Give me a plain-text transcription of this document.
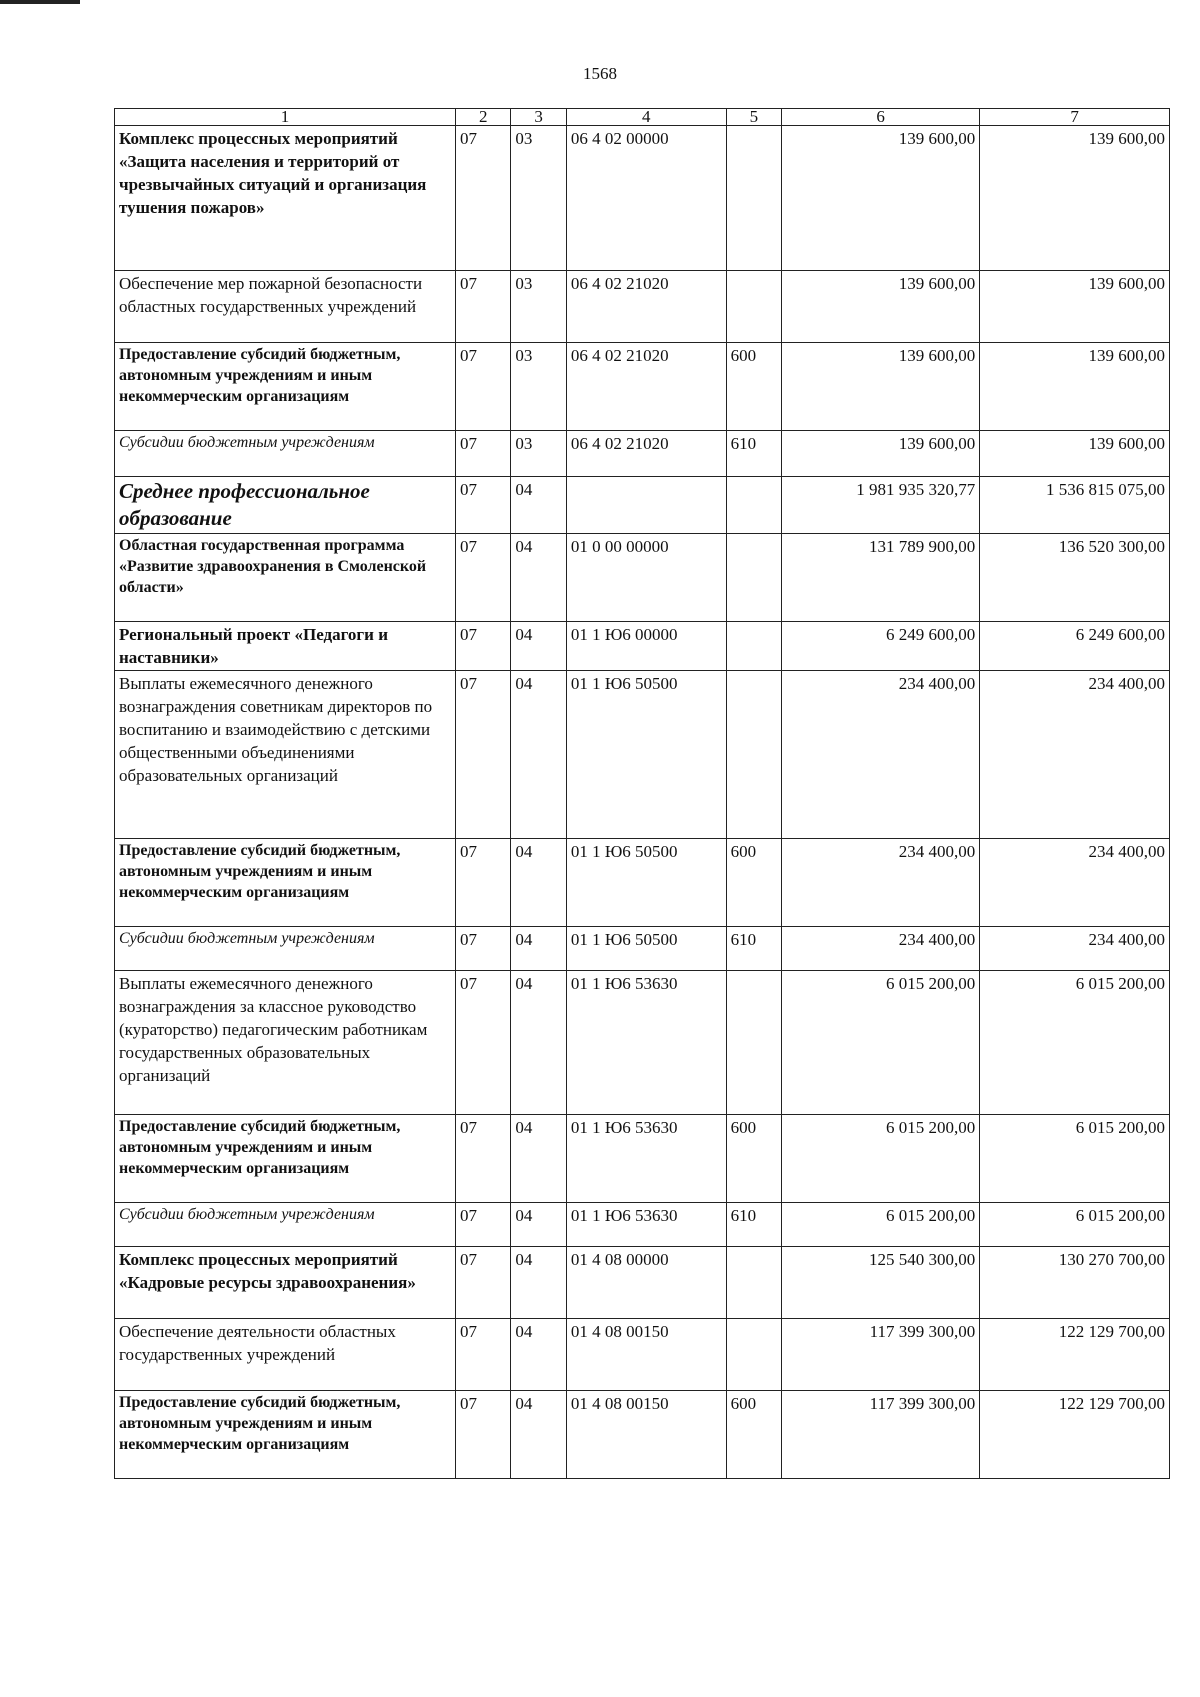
1568
1	2	3	4	5	6	7
Комплекс процессных мероприятий «Защита населения и территорий от чрезвычайных ситуаций и организация тушения пожаров»	07	03	06 4 02 00000		139 600,00	139 600,00
Обеспечение мер пожарной безопасности областных государственных учреждений	07	03	06 4 02 21020		139 600,00	139 600,00
Предоставление субсидий бюджетным, автономным учреждениям и иным некоммерческим организациям	07	03	06 4 02 21020	600	139 600,00	139 600,00
Субсидии бюджетным учреждениям	07	03	06 4 02 21020	610	139 600,00	139 600,00
Среднее профессиональное образование	07	04			1 981 935 320,77	1 536 815 075,00
Областная государственная программа «Развитие здравоохранения в Смоленской области»	07	04	01 0 00 00000		131 789 900,00	136 520 300,00
Региональный проект «Педагоги и наставники»	07	04	01 1 Ю6 00000		6 249 600,00	6 249 600,00
Выплаты ежемесячного денежного вознаграждения советникам директоров по воспитанию и взаимодействию с детскими общественными объединениями образовательных организаций	07	04	01 1 Ю6 50500		234 400,00	234 400,00
Предоставление субсидий бюджетным, автономным учреждениям и иным некоммерческим организациям	07	04	01 1 Ю6 50500	600	234 400,00	234 400,00
Субсидии бюджетным учреждениям	07	04	01 1 Ю6 50500	610	234 400,00	234 400,00
Выплаты ежемесячного денежного вознаграждения за классное руководство (кураторство) педагогическим работникам государственных образовательных организаций	07	04	01 1 Ю6 53630		6 015 200,00	6 015 200,00
Предоставление субсидий бюджетным, автономным учреждениям и иным некоммерческим организациям	07	04	01 1 Ю6 53630	600	6 015 200,00	6 015 200,00
Субсидии бюджетным учреждениям	07	04	01 1 Ю6 53630	610	6 015 200,00	6 015 200,00
Комплекс процессных мероприятий «Кадровые ресурсы здравоохранения»	07	04	01 4 08 00000		125 540 300,00	130 270 700,00
Обеспечение деятельности областных государственных учреждений	07	04	01 4 08 00150		117 399 300,00	122 129 700,00
Предоставление субсидий бюджетным, автономным учреждениям и иным некоммерческим организациям	07	04	01 4 08 00150	600	117 399 300,00	122 129 700,00
